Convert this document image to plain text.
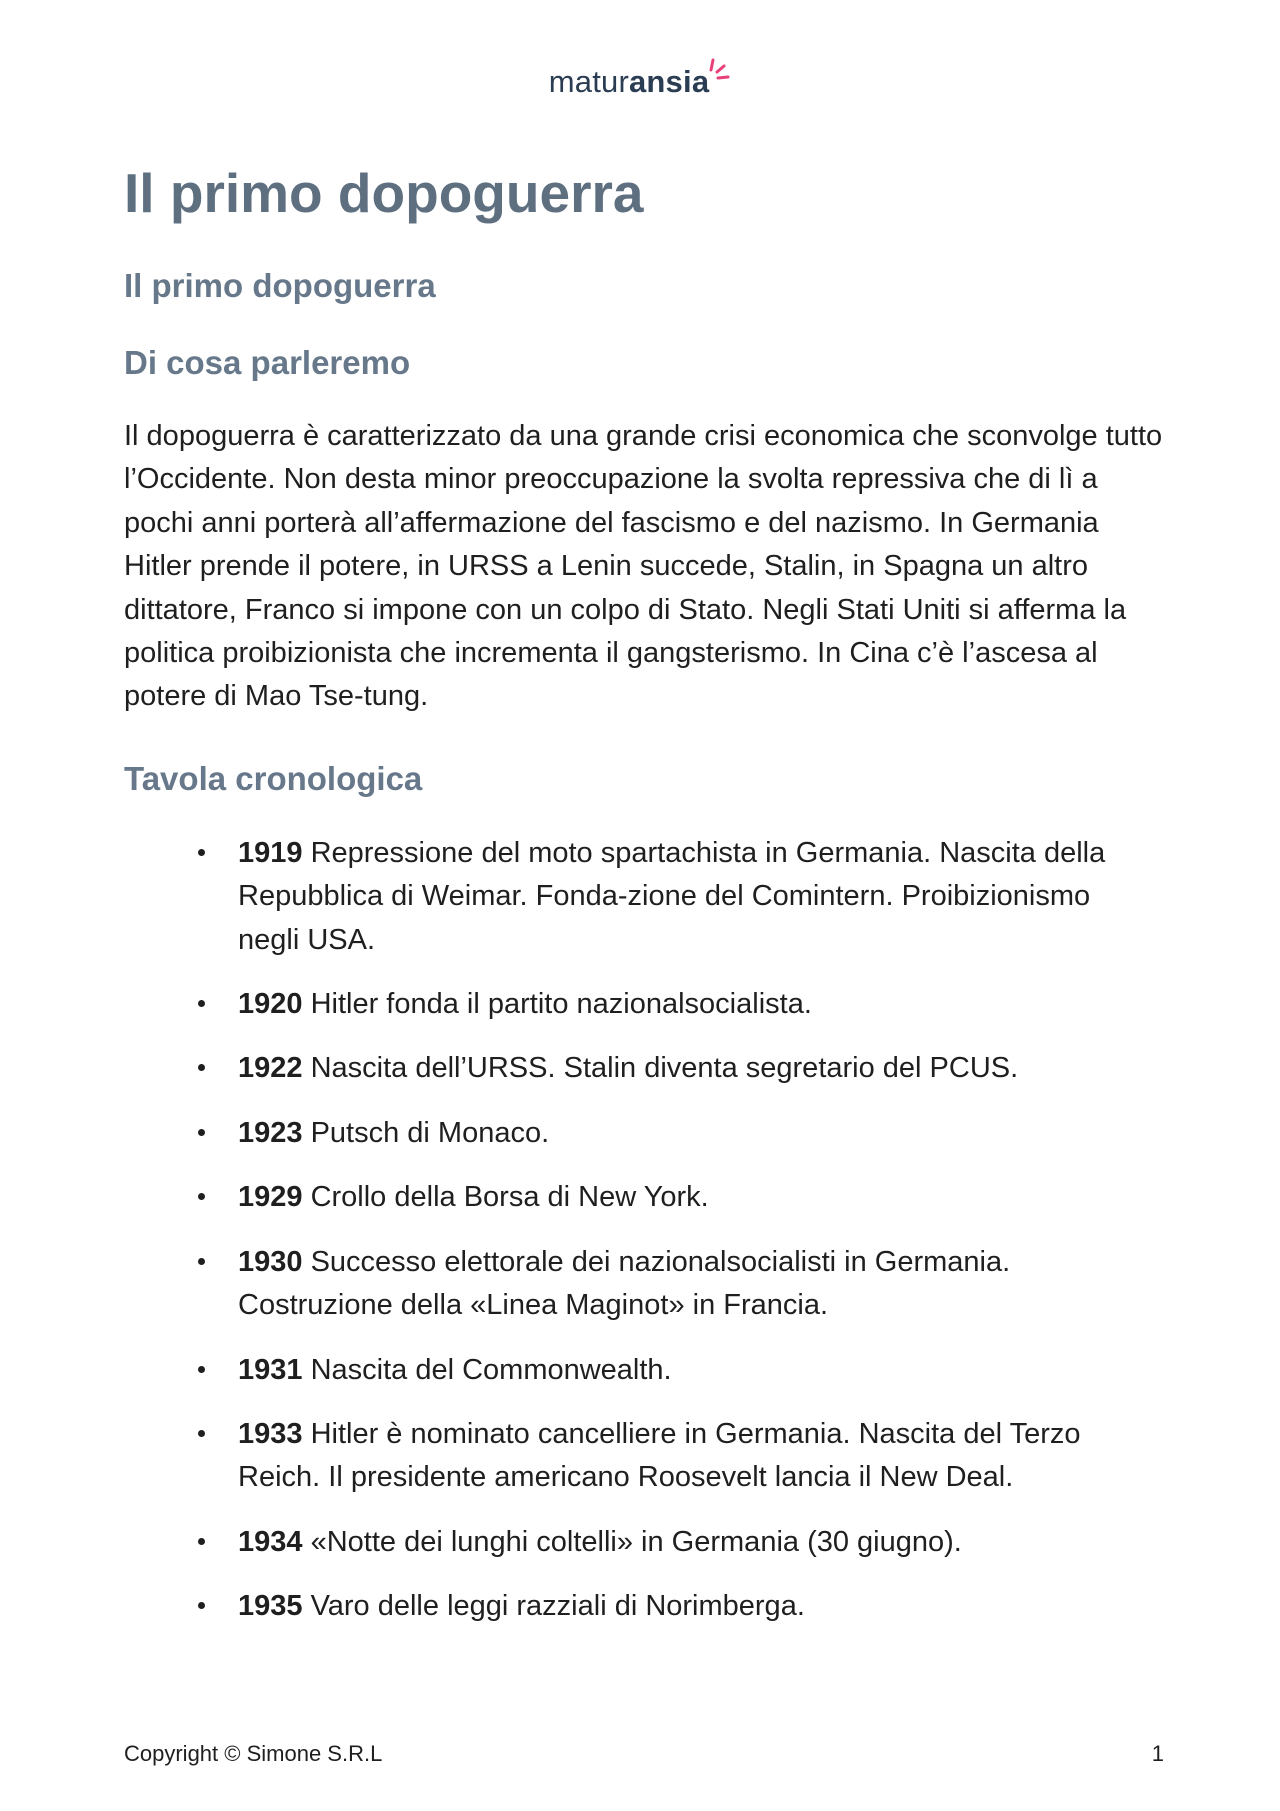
maturansia
Il primo dopoguerra
Il primo dopoguerra
Di cosa parleremo

Il dopoguerra è caratterizzato da una grande crisi economica che sconvolge tutto l’Occidente. Non desta minor preoccupazione la svolta repressiva che di lì a pochi anni porterà all’affermazione del fascismo e del nazismo. In Germania Hitler prende il potere, in URSS a Lenin succede, Stalin, in Spagna un altro dittatore, Franco si impone con un colpo di Stato. Negli Stati Uniti si afferma la politica proibizionista che incrementa il gangsterismo. In Cina c’è l’ascesa al potere di Mao Tse-tung.

Tavola cronologica
1919 Repressione del moto spartachista in Germania. Nascita della Repubblica di Weimar. Fonda-zione del Comintern. Proibizionismo negli USA.
1920 Hitler fonda il partito nazionalsocialista.
1922 Nascita dell’URSS. Stalin diventa segretario del PCUS.
1923 Putsch di Monaco.
1929 Crollo della Borsa di New York.
1930 Successo elettorale dei nazionalsocialisti in Germania. Costruzione della «Linea Maginot» in Francia.
1931 Nascita del Commonwealth.
1933 Hitler è nominato cancelliere in Germania. Nascita del Terzo Reich. Il presidente americano Roosevelt lancia il New Deal.
1934 «Notte dei lunghi coltelli» in Germania (30 giugno).
1935 Varo delle leggi razziali di Norimberga.
Copyright © Simone S.R.L	1
